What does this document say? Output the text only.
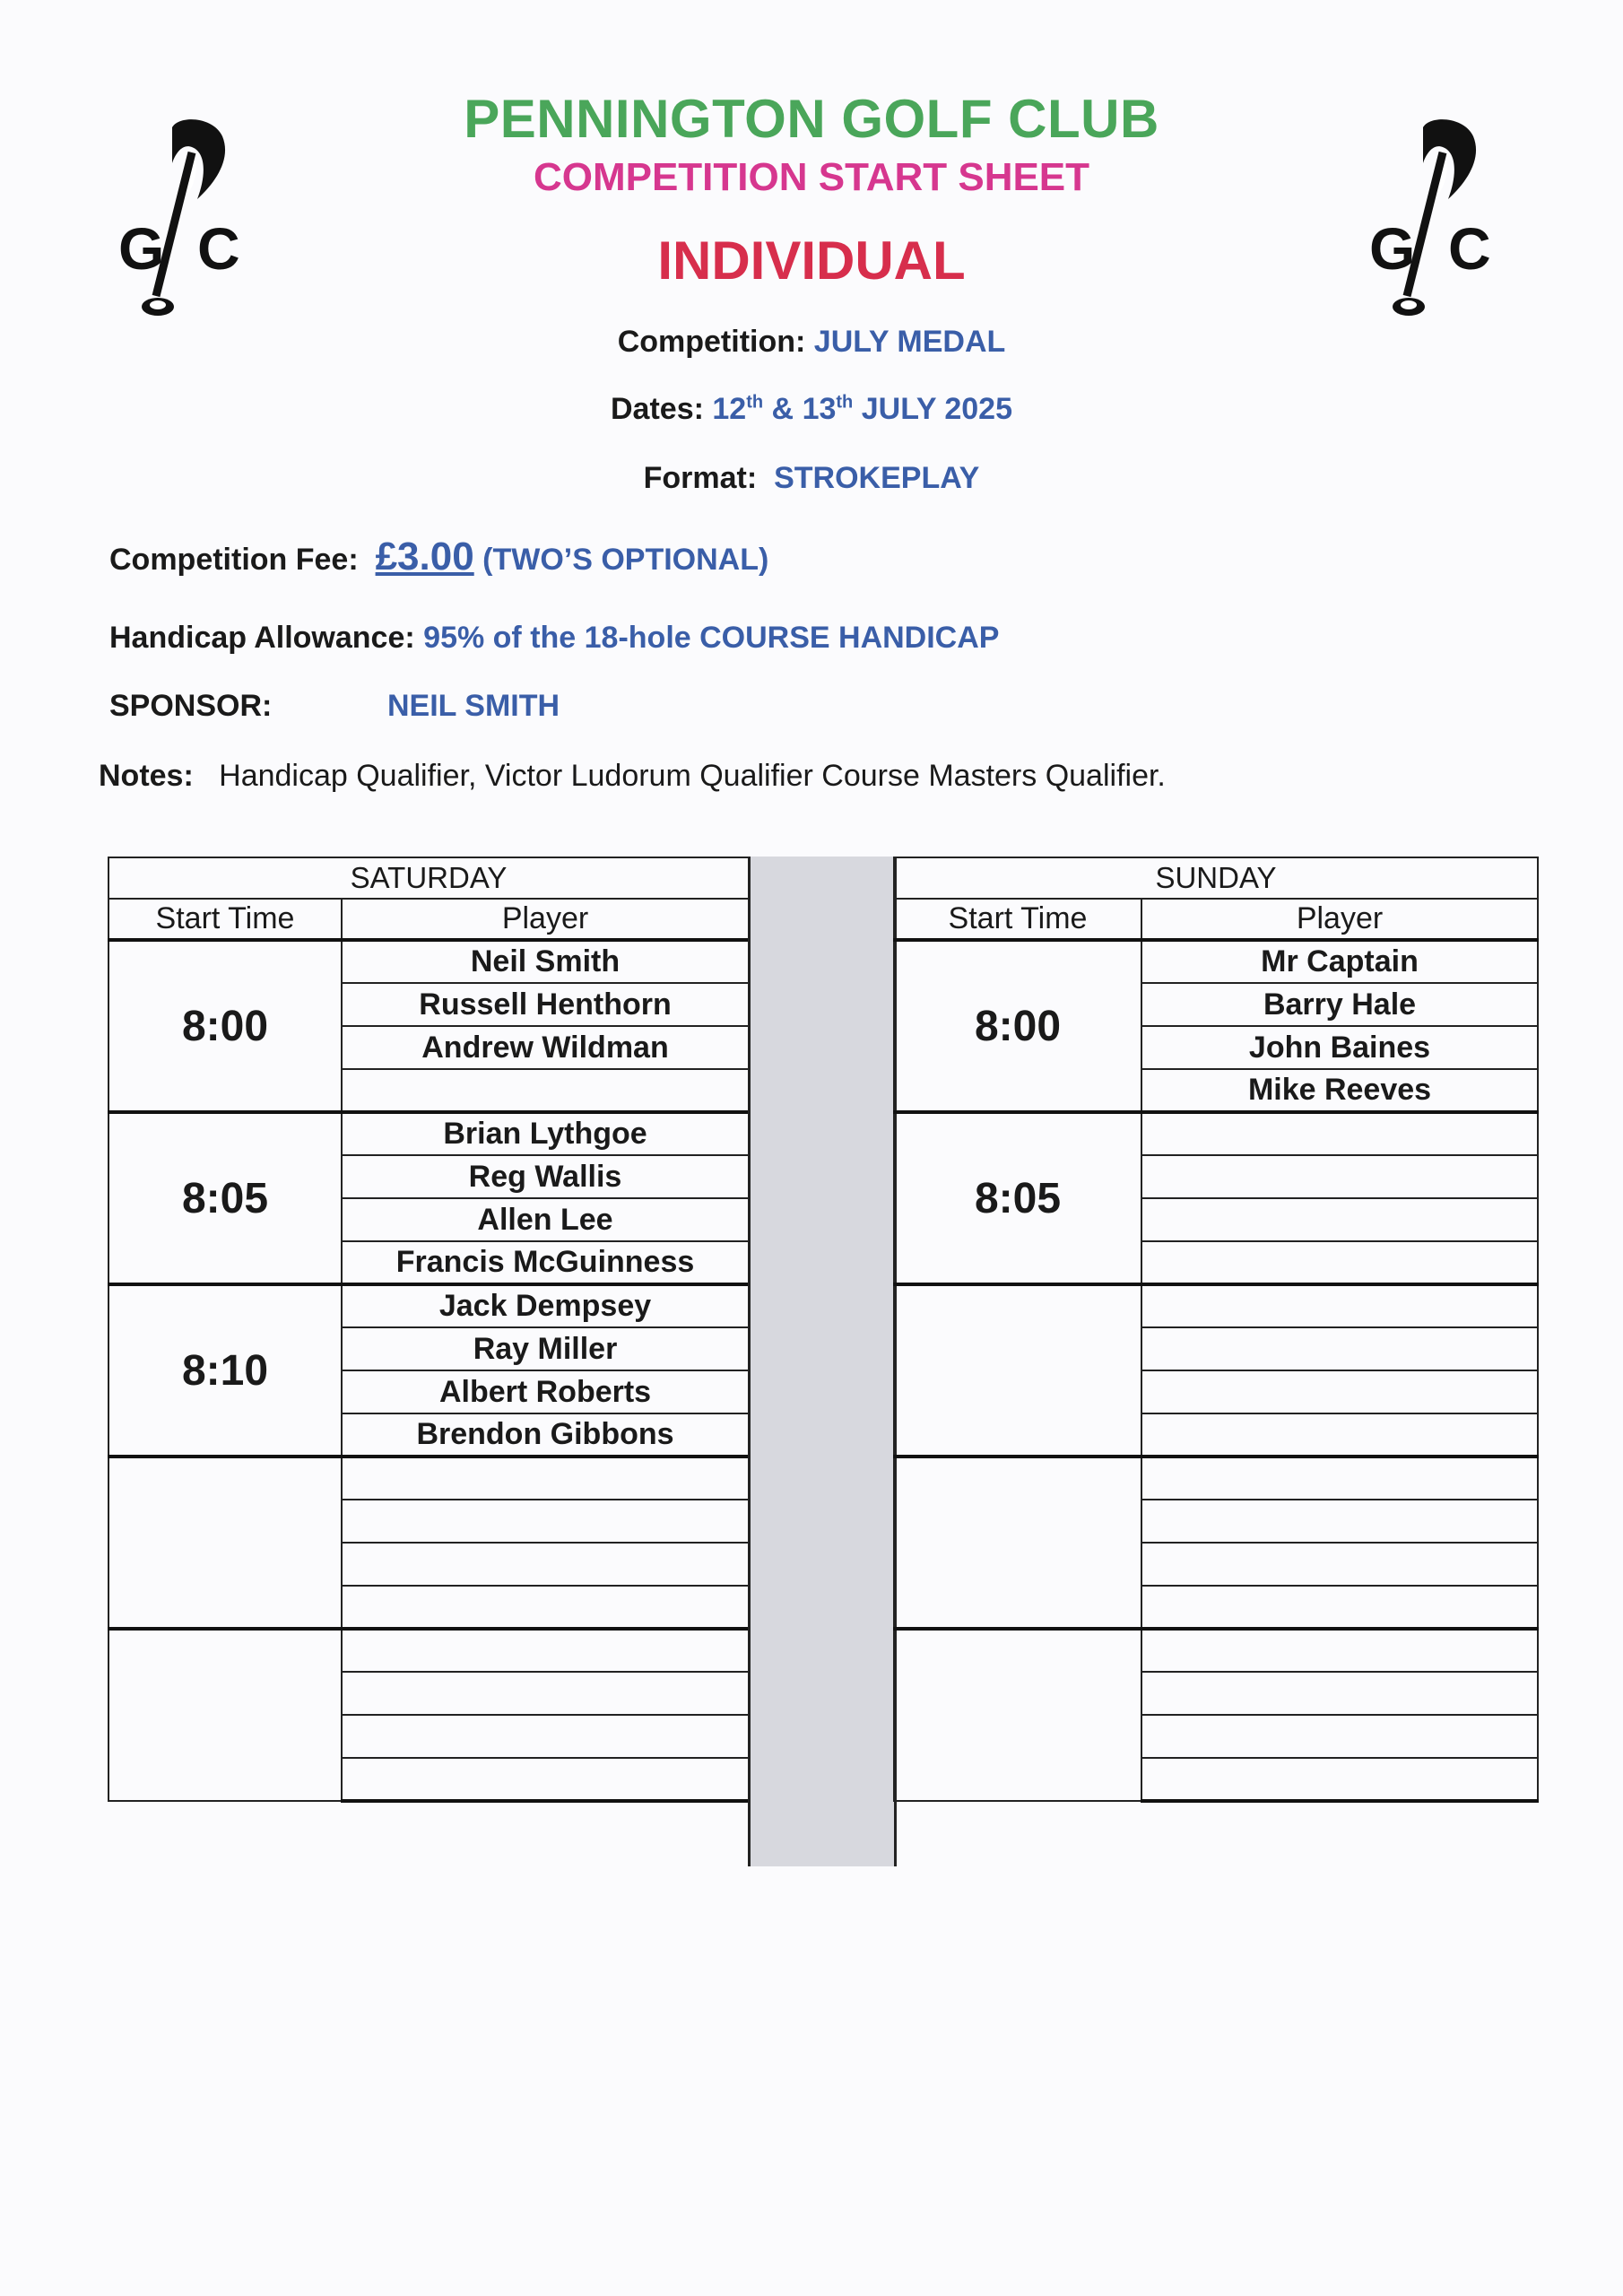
G C	G C
PENNINGTON GOLF CLUB
COMPETITION START SHEET
INDIVIDUAL
Competition: JULY MEDAL
Dates: 12th & 13th JULY 2025
Format: STROKEPLAY
Competition Fee: £3.00 (TWO’S OPTIONAL)
Handicap Allowance: 95% of the 18-hole COURSE HANDICAP
SPONSOR:	NEIL SMITH
Notes: Handicap Qualifier, Victor Ludorum Qualifier Course Masters Qualifier.
SATURDAY	
Start Time	Player
8:00	Neil Smith
	Russell Henthorn
	Andrew Wildman

8:05	Brian Lythgoe
	Reg Wallis
	Allen Lee
	Francis McGuinness
8:10	Jack Dempsey
	Ray Miller
	Albert Roberts
	Brendon Gibbons

SUNDAY	
Start Time	Player
8:00	Mr Captain
	Barry Hale
	John Baines
	Mike Reeves
8:05	
